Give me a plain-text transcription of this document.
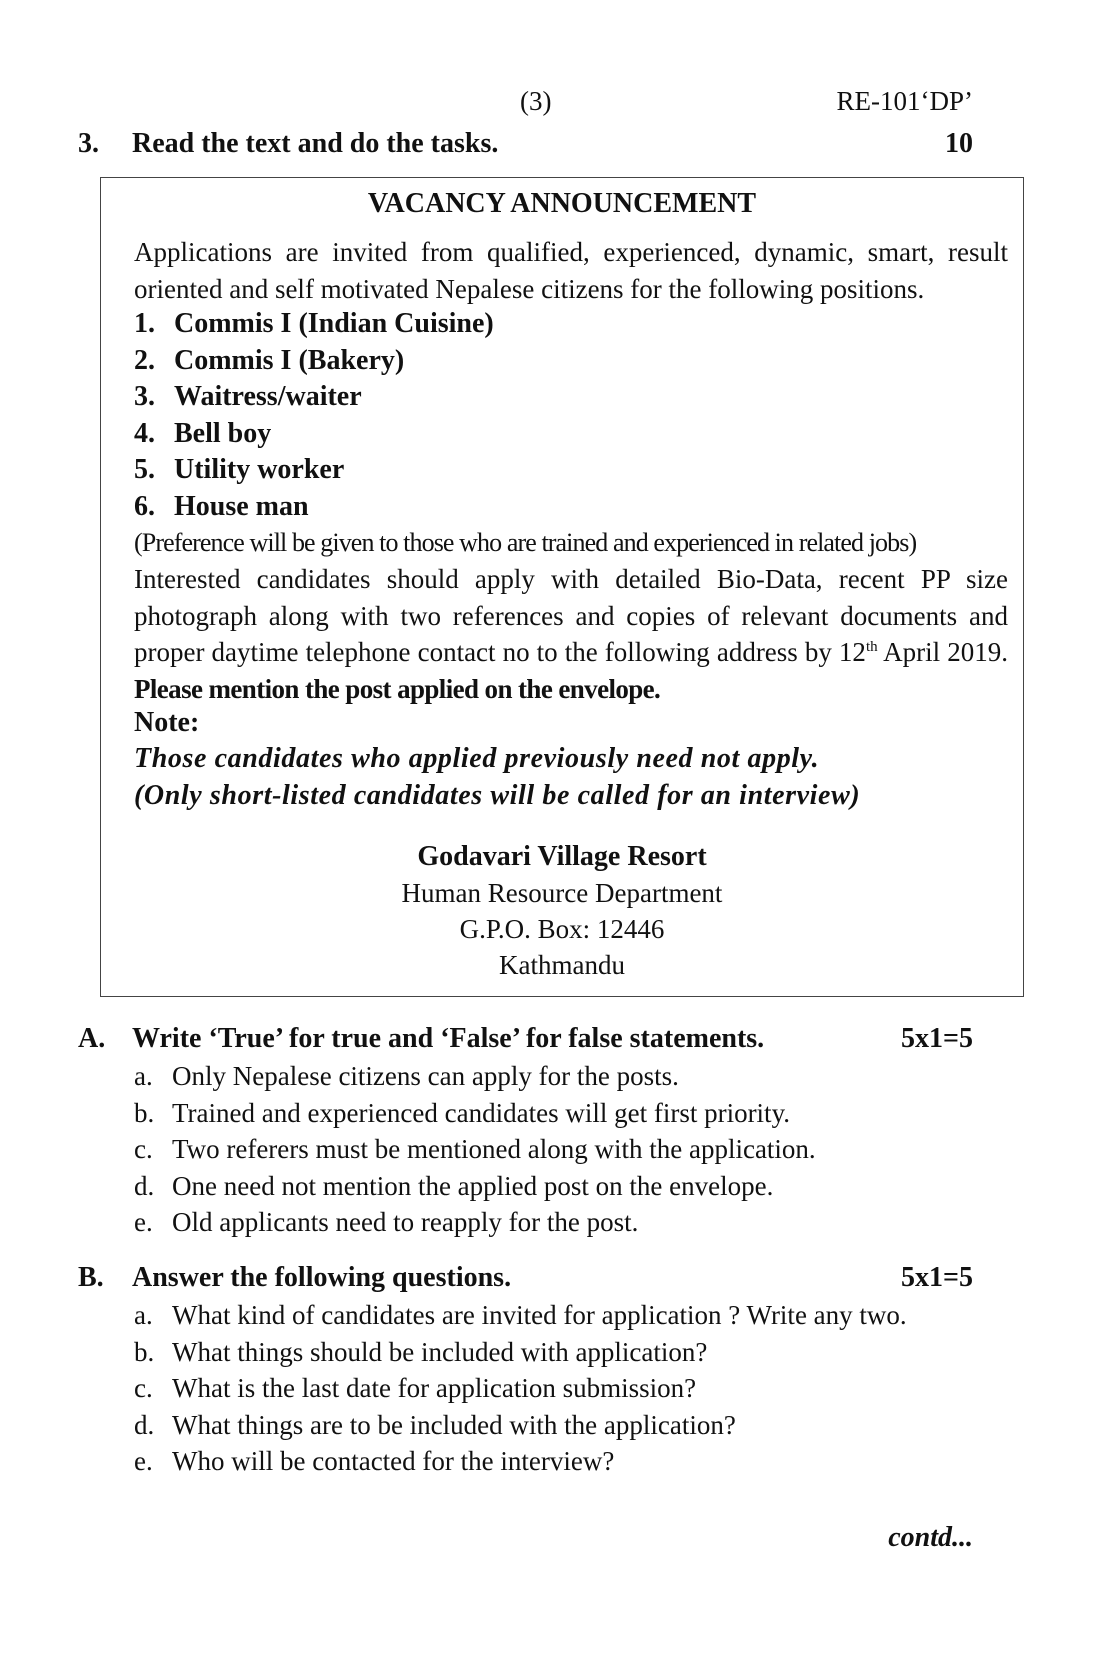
(3)	RE-101‘DP’
3. Read the text and do the tasks.	10
VACANCY ANNOUNCEMENT
Applications are invited from qualified, experienced, dynamic, smart, result oriented and self motivated Nepalese citizens for the following positions.
1. Commis I (Indian Cuisine)
2. Commis I (Bakery)
3. Waitress/waiter
4. Bell boy
5. Utility worker
6. House man
(Preference will be given to those who are trained and experienced in related jobs)
Interested candidates should apply with detailed Bio-Data, recent PP size photograph along with two references and copies of relevant documents and proper daytime telephone contact no to the following address by 12th April 2019. Please mention the post applied on the envelope.
Note:
Those candidates who applied previously need not apply.
(Only short-listed candidates will be called for an interview)
Godavari Village Resort
Human Resource Department
G.P.O. Box: 12446
Kathmandu
A. Write ‘True’ for true and ‘False’ for false statements.	5x1=5
a. Only Nepalese citizens can apply for the posts.
b. Trained and experienced candidates will get first priority.
c. Two referers must be mentioned along with the application.
d. One need not mention the applied post on the envelope.
e. Old applicants need to reapply for the post.
B. Answer the following questions.	5x1=5
a. What kind of candidates are invited for application ? Write any two.
b. What things should be included with application?
c. What is the last date for application submission?
d. What things are to be included with the application?
e. Who will be contacted for the interview?
contd...
